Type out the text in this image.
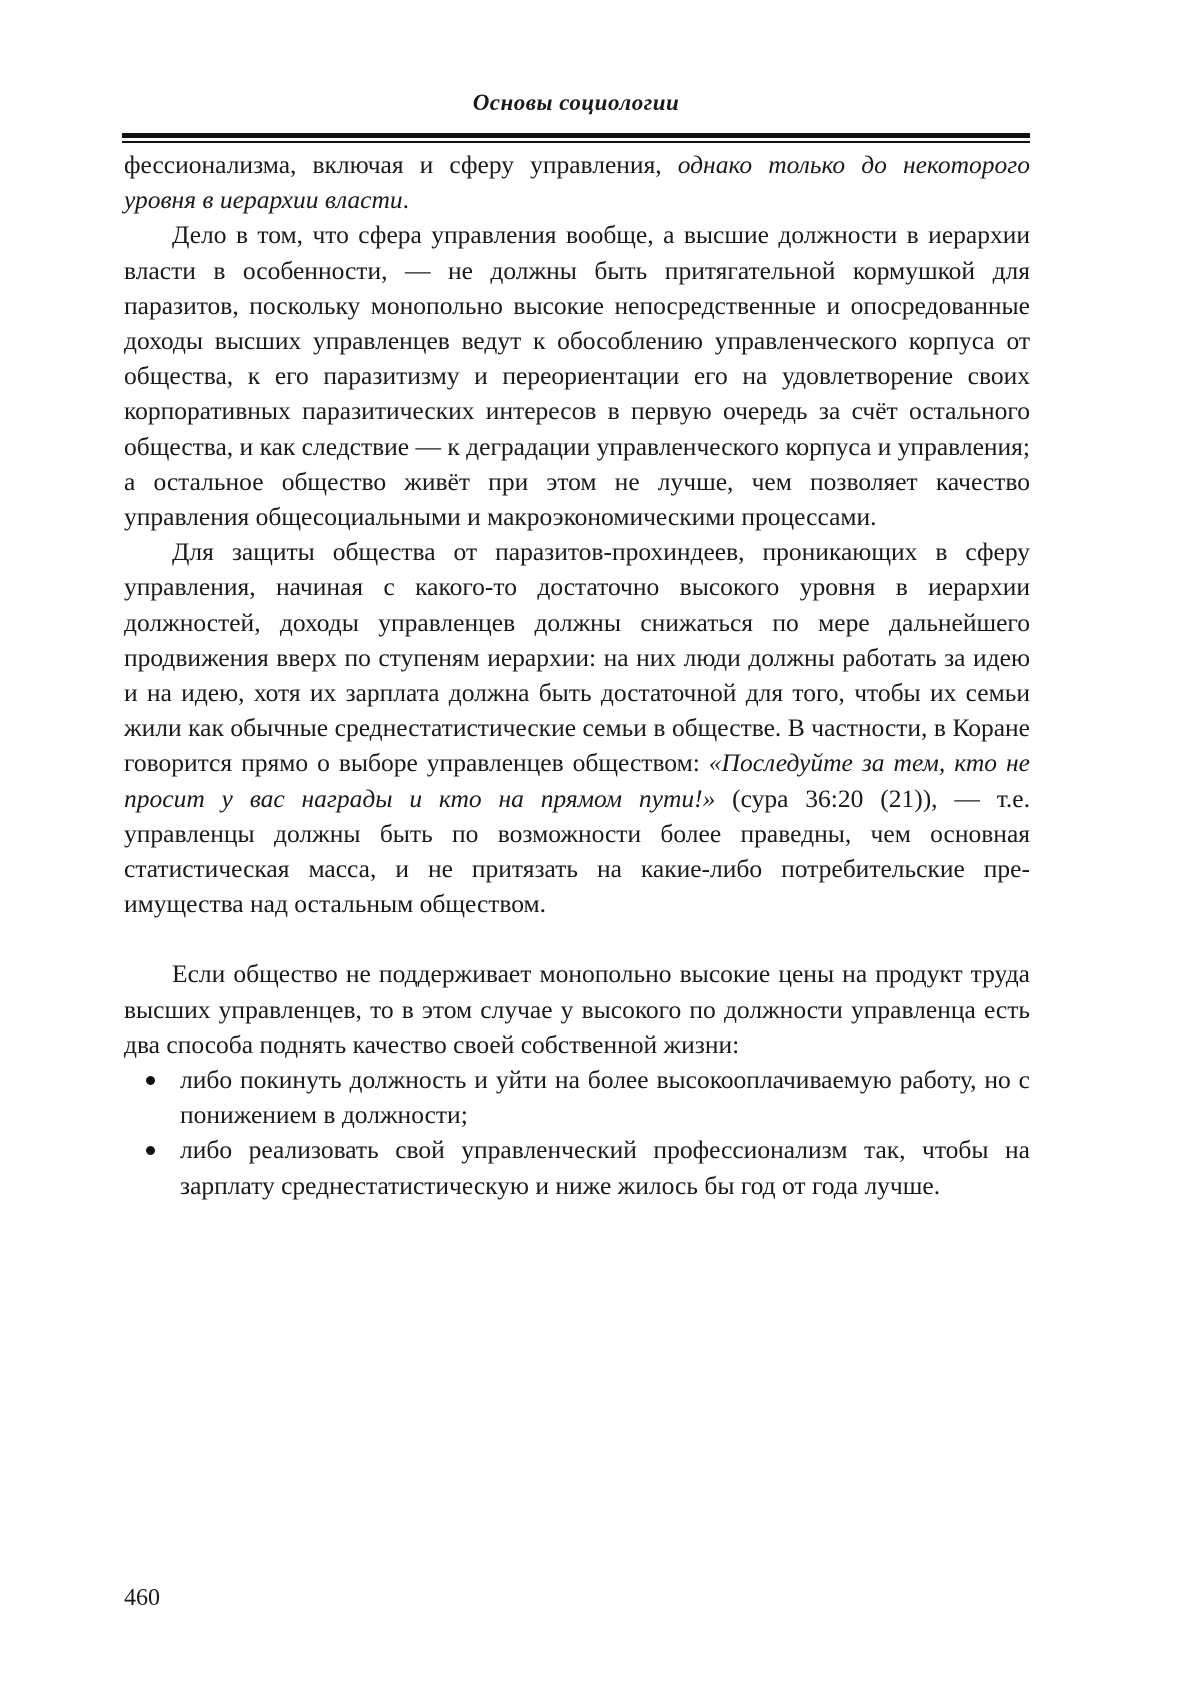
Основы социологии

фессионализма, включая и сферу управления, однако только до некоторого уровня в иерархии власти.

Дело в том, что сфера управления вообще, а высшие должности в иерархии власти в особенности, — не должны быть притягательной кормушкой для паразитов, поскольку монопольно высокие непосредственные и опосредованные доходы высших управленцев ведут к обособлению управленческого корпуса от общества, к его паразитизму и переориентации его на удовлетворение своих корпоративных паразитических интересов в первую очередь за счёт остального общества, и как следствие — к деградации управленческого корпуса и управления; а остальное общество живёт при этом не лучше, чем позволяет качество управления общесоциальными и макроэкономическими процессами.

Для защиты общества от паразитов-прохиндеев, проникающих в сферу управления, начиная с какого-то достаточно высокого уровня в иерархии должностей, доходы управленцев должны снижаться по мере дальнейшего продвижения вверх по ступеням иерархии: на них люди должны работать за идею и на идею, хотя их зарплата должна быть достаточной для того, чтобы их семьи жили как обычные среднестатистические семьи в обществе. В частности, в Коране говорится прямо о выборе управленцев обществом: «Последуйте за тем, кто не просит у вас награды и кто на прямом пути!» (сура 36:20 (21)), — т.е. управленцы должны быть по возможности более праведны, чем основная статистическая масса, и не притязать на какие-либо потребительские преимущества над остальным обществом.

Если общество не поддерживает монопольно высокие цены на продукт труда высших управленцев, то в этом случае у высокого по должности управленца есть два способа поднять качество своей собственной жизни:

либо покинуть должность и уйти на более высокооплачиваемую работу, но с понижением в должности;
либо реализовать свой управленческий профессионализм так, чтобы на зарплату среднестатистическую и ниже жилось бы год от года лучше.
460
